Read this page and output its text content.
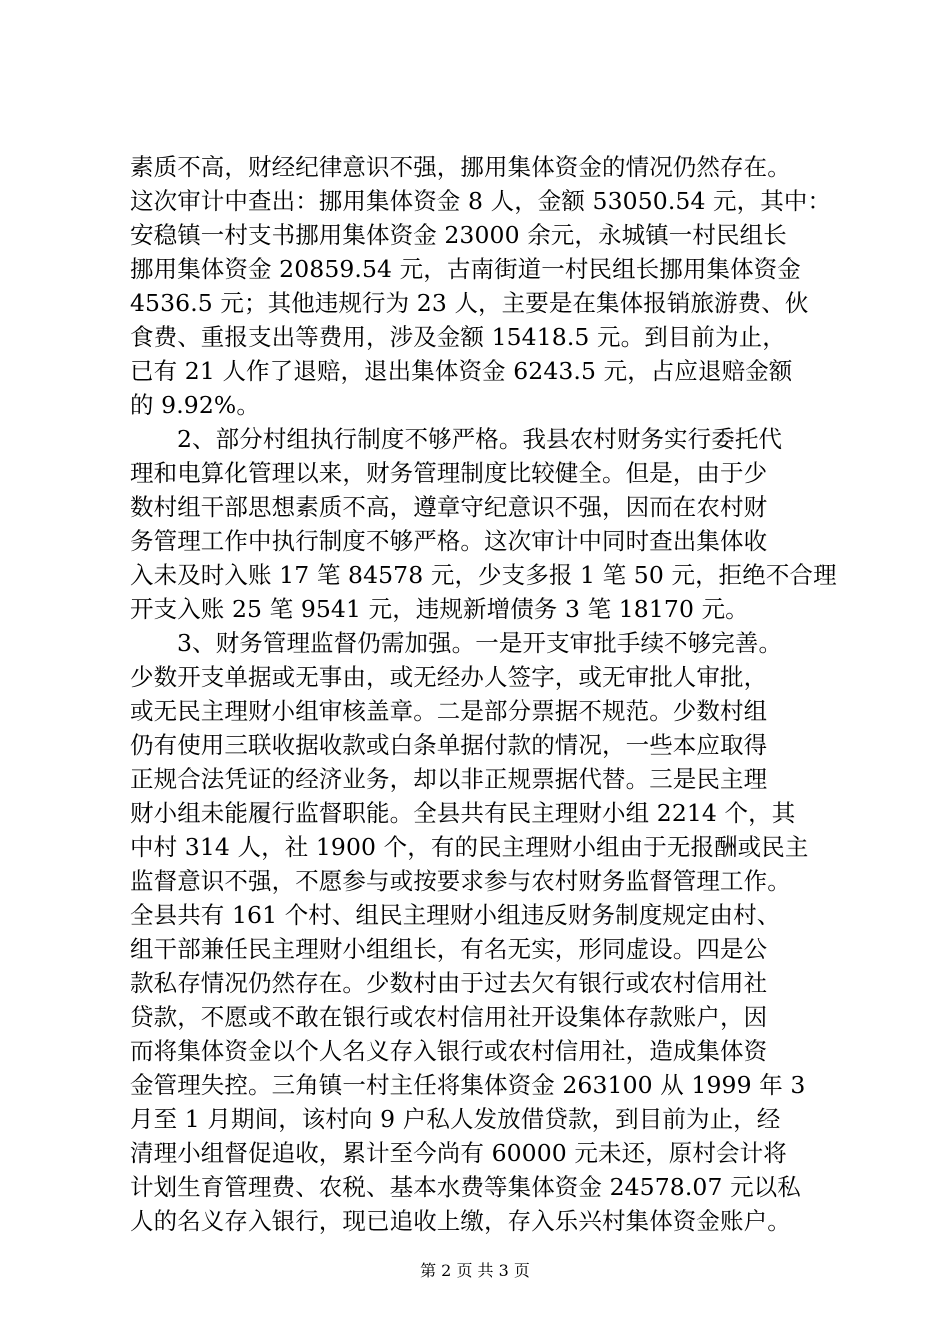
素质不高，财经纪律意识不强，挪用集体资金的情况仍然存在。
这次审计中查出：挪用集体资金 8 人，金额 53050.54 元，其中：
安稳镇一村支书挪用集体资金 23000 余元，永城镇一村民组长
挪用集体资金 20859.54 元，古南街道一村民组长挪用集体资金
4536.5 元；其他违规行为 23 人，主要是在集体报销旅游费、伙
食费、重报支出等费用，涉及金额 15418.5 元。到目前为止，
已有 21 人作了退赔，退出集体资金 6243.5 元，占应退赔金额
的 9.92%。
2、部分村组执行制度不够严格。我县农村财务实行委托代
理和电算化管理以来，财务管理制度比较健全。但是，由于少
数村组干部思想素质不高，遵章守纪意识不强，因而在农村财
务管理工作中执行制度不够严格。这次审计中同时查出集体收
入未及时入账 17 笔 84578 元，少支多报 1 笔 50 元，拒绝不合理
开支入账 25 笔 9541 元，违规新增债务 3 笔 18170 元。
3、财务管理监督仍需加强。一是开支审批手续不够完善。
少数开支单据或无事由，或无经办人签字，或无审批人审批，
或无民主理财小组审核盖章。二是部分票据不规范。少数村组
仍有使用三联收据收款或白条单据付款的情况，一些本应取得
正规合法凭证的经济业务，却以非正规票据代替。三是民主理
财小组未能履行监督职能。全县共有民主理财小组 2214 个，其
中村 314 人，社 1900 个，有的民主理财小组由于无报酬或民主
监督意识不强，不愿参与或按要求参与农村财务监督管理工作。
全县共有 161 个村、组民主理财小组违反财务制度规定由村、
组干部兼任民主理财小组组长，有名无实，形同虚设。四是公
款私存情况仍然存在。少数村由于过去欠有银行或农村信用社
贷款，不愿或不敢在银行或农村信用社开设集体存款账户，因
而将集体资金以个人名义存入银行或农村信用社，造成集体资
金管理失控。三角镇一村主任将集体资金 263100 从 1999 年 3
月至 1 月期间，该村向 9 户私人发放借贷款，到目前为止，经
清理小组督促追收，累计至今尚有 60000 元未还，原村会计将
计划生育管理费、农税、基本水费等集体资金 24578.07 元以私
人的名义存入银行，现已追收上缴，存入乐兴村集体资金账户。
第 2 页 共 3 页
